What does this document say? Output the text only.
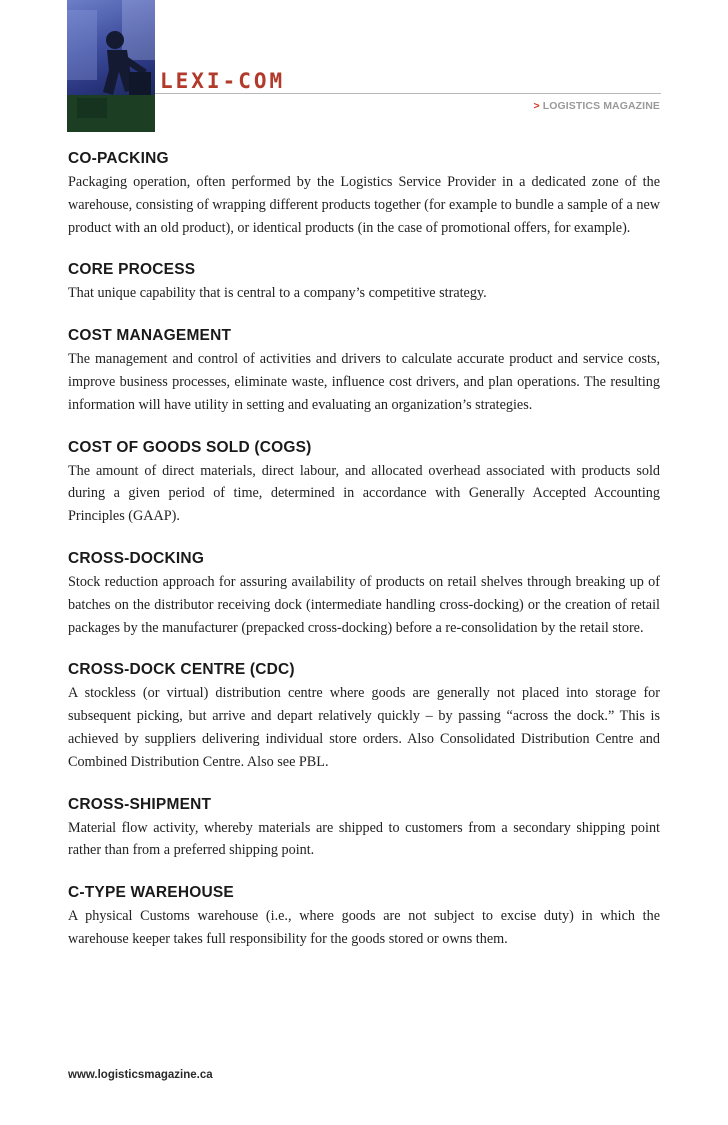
LEXI-COM
> LOGISTICS MAGAZINE
CO-PACKING

Packaging operation, often performed by the Logistics Service Provider in a dedicated zone of the warehouse, consisting of wrapping different products together (for example to bundle a sample of a new product with an old product), or identical products (in the case of promotional offers, for example).

CORE PROCESS

That unique capability that is central to a company’s competitive strategy.

COST MANAGEMENT

The management and control of activities and drivers to calculate accurate product and service costs, improve business processes, eliminate waste, influence cost drivers, and plan operations. The resulting information will have utility in setting and evaluating an organization’s strategies.

COST OF GOODS SOLD (COGS)

The amount of direct materials, direct labour, and allocated overhead associated with products sold during a given period of time, determined in accordance with Generally Accepted Accounting Principles (GAAP).

CROSS-DOCKING

Stock reduction approach for assuring availability of products on retail shelves through breaking up of batches on the distributor receiving dock (intermediate handling cross-docking) or the creation of retail packages by the manufacturer (prepacked cross-docking) before a re-consolidation by the retail store.

CROSS-DOCK CENTRE (CDC)

A stockless (or virtual) distribution centre where goods are generally not placed into storage for subsequent picking, but arrive and depart relatively quickly – by passing “across the dock.” This is achieved by suppliers delivering individual store orders. Also Consolidated Distribution Centre and Combined Distribution Centre. Also see PBL.

CROSS-SHIPMENT

Material flow activity, whereby materials are shipped to customers from a secondary shipping point rather than from a preferred shipping point.

C-TYPE WAREHOUSE

A physical Customs warehouse (i.e., where goods are not subject to excise duty) in which the warehouse keeper takes full responsibility for the goods stored or owns them.

www.logisticsmagazine.ca
